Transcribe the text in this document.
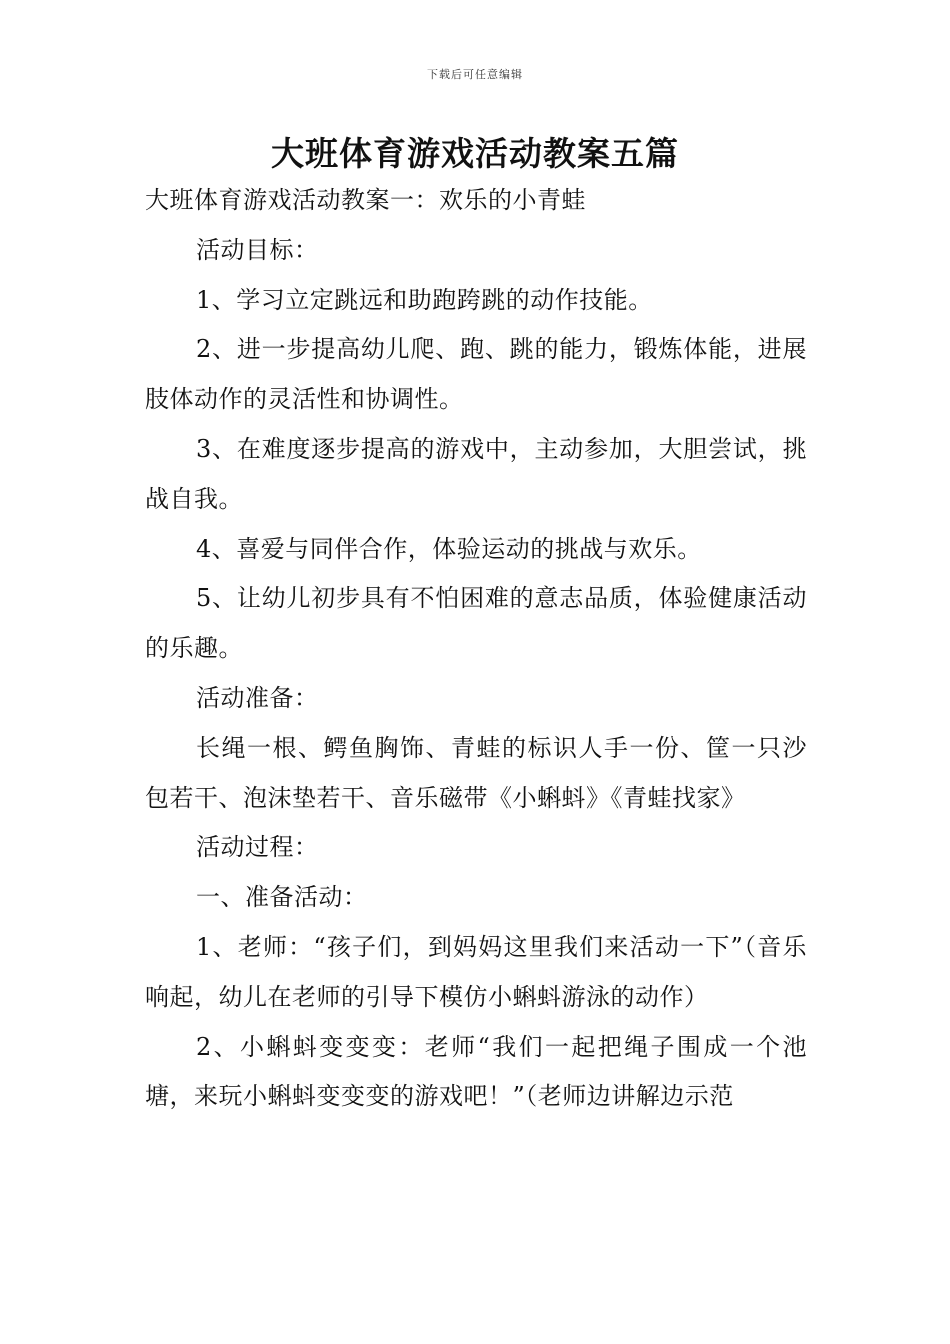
下载后可任意编辑
大班体育游戏活动教案五篇

大班体育游戏活动教案一：欢乐的小青蛙

活动目标：

1、学习立定跳远和助跑跨跳的动作技能。

2、进一步提高幼儿爬、跑、跳的能力，锻炼体能，进展肢体动作的灵活性和协调性。

3、在难度逐步提高的游戏中，主动参加，大胆尝试，挑战自我。

4、喜爱与同伴合作，体验运动的挑战与欢乐。

5、让幼儿初步具有不怕困难的意志品质，体验健康活动的乐趣。

活动准备：

长绳一根、鳄鱼胸饰、青蛙的标识人手一份、筐一只沙包若干、泡沫垫若干、音乐磁带《小蝌蚪》《青蛙找家》

活动过程：

一、准备活动：

1、老师：“孩子们，到妈妈这里我们来活动一下”（音乐响起，幼儿在老师的引导下模仿小蝌蚪游泳的动作）

2、小蝌蚪变变变：老师“我们一起把绳子围成一个池塘，来玩小蝌蚪变变变的游戏吧！”（老师边讲解边示范
